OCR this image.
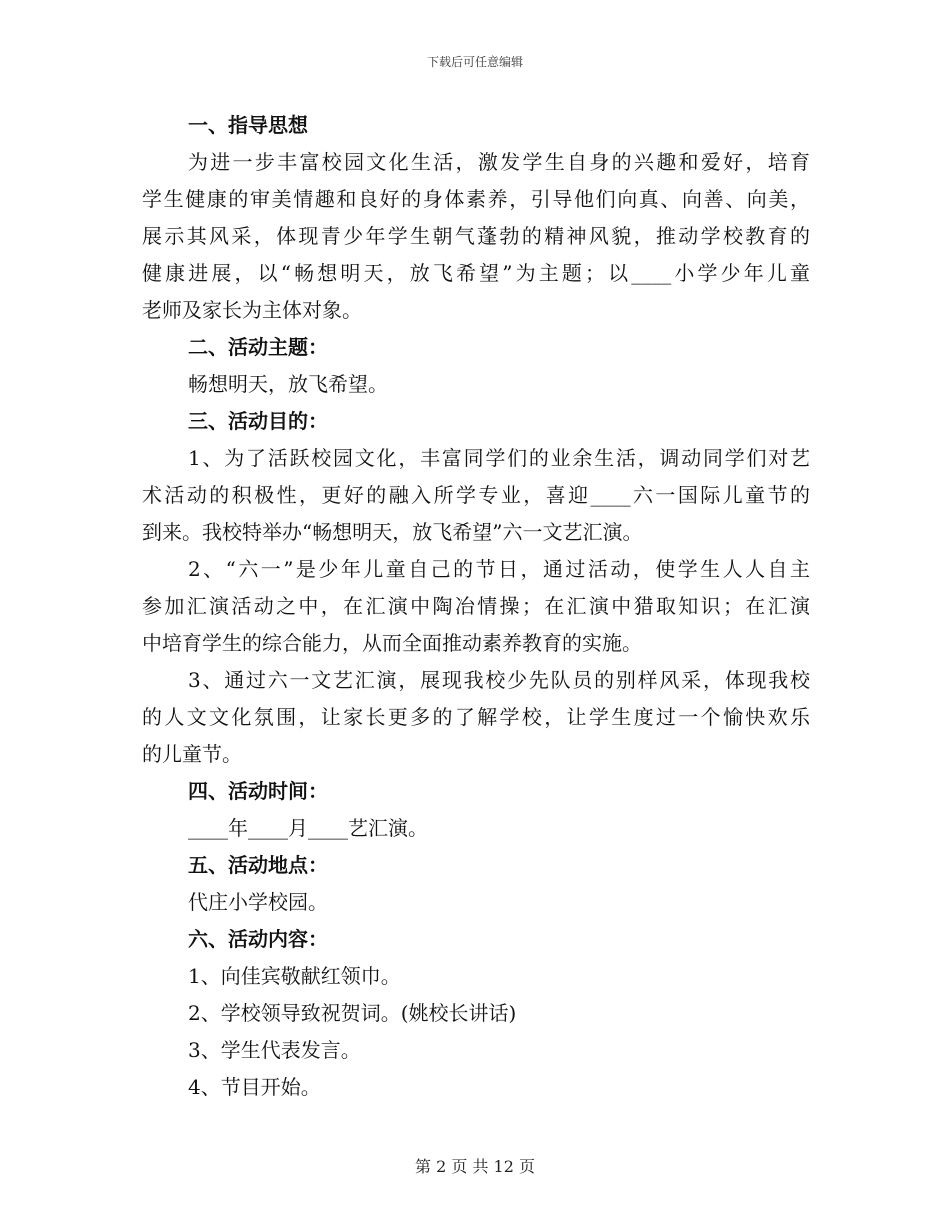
下载后可任意编辑
一、指导思想
为进一步丰富校园文化生活，激发学生自身的兴趣和爱好，培育
学生健康的审美情趣和良好的身体素养，引导他们向真、向善、向美，
展示其风采，体现青少年学生朝气蓬勃的精神风貌，推动学校教育的
健康进展，以“畅想明天，放飞希望”为主题；以____小学少年儿童
老师及家长为主体对象。
二、活动主题：
畅想明天，放飞希望。
三、活动目的：
1、为了活跃校园文化，丰富同学们的业余生活，调动同学们对艺
术活动的积极性，更好的融入所学专业，喜迎____六一国际儿童节的
到来。我校特举办“畅想明天，放飞希望”六一文艺汇演。
2、“六一”是少年儿童自己的节日，通过活动，使学生人人自主
参加汇演活动之中，在汇演中陶冶情操；在汇演中猎取知识；在汇演
中培育学生的综合能力，从而全面推动素养教育的实施。
3、通过六一文艺汇演，展现我校少先队员的别样风采，体现我校
的人文文化氛围，让家长更多的了解学校，让学生度过一个愉快欢乐
的儿童节。
四、活动时间：
____年____月____艺汇演。
五、活动地点：
代庄小学校园。
六、活动内容：
1、向佳宾敬献红领巾。
2、学校领导致祝贺词。(姚校长讲话)
3、学生代表发言。
4、节目开始。
第 2 页 共 12 页
